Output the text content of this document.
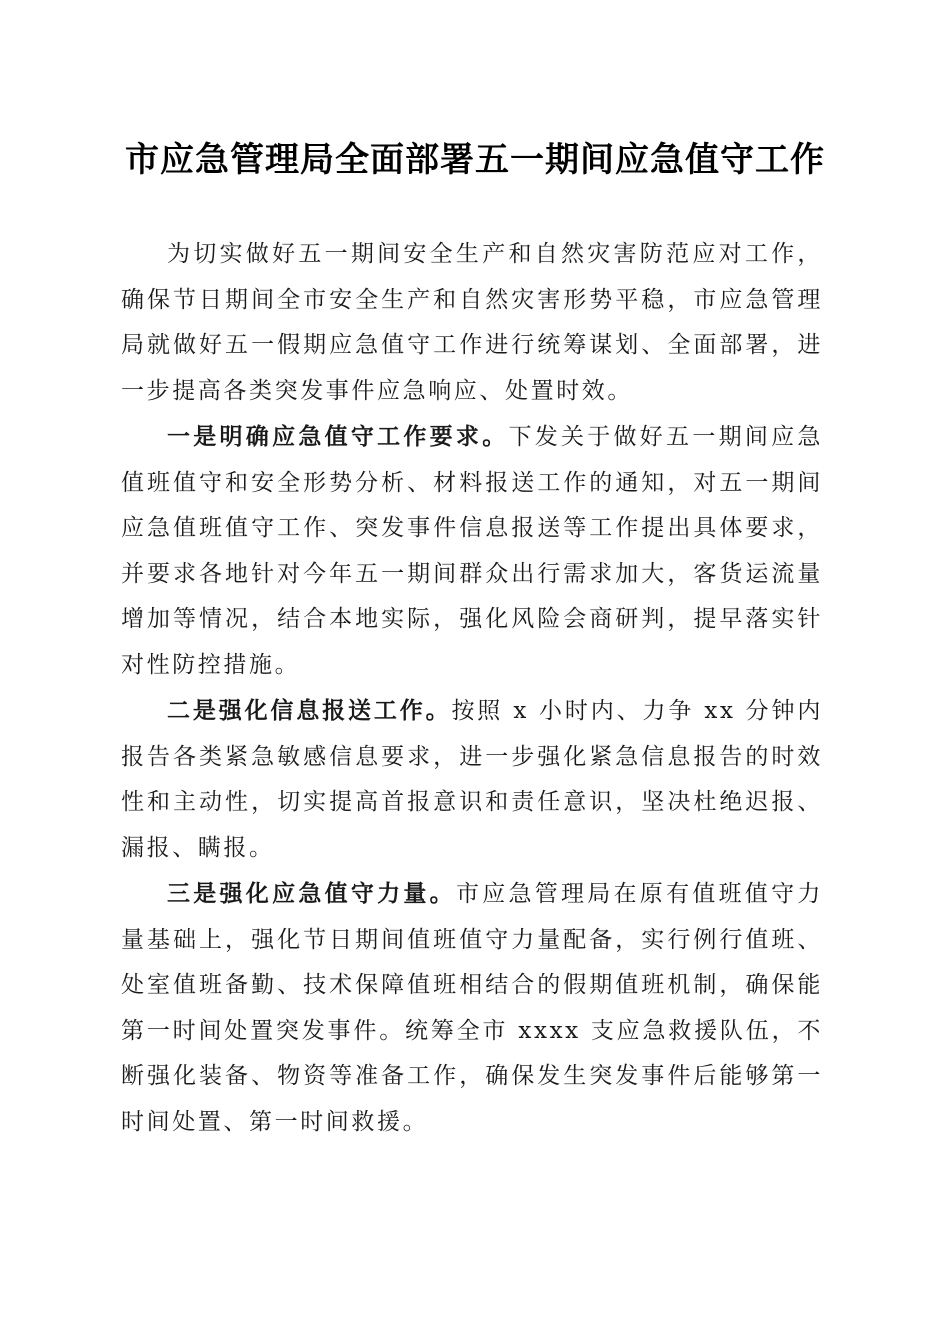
市应急管理局全面部署五一期间应急值守工作

为切实做好五一期间安全生产和自然灾害防范应对工作，确保节日期间全市安全生产和自然灾害形势平稳，市应急管理局就做好五一假期应急值守工作进行统筹谋划、全面部署，进一步提高各类突发事件应急响应、处置时效。

一是明确应急值守工作要求。下发关于做好五一期间应急值班值守和安全形势分析、材料报送工作的通知，对五一期间应急值班值守工作、突发事件信息报送等工作提出具体要求，并要求各地针对今年五一期间群众出行需求加大，客货运流量增加等情况，结合本地实际，强化风险会商研判，提早落实针对性防控措施。

二是强化信息报送工作。按照 x 小时内、力争 xx 分钟内报告各类紧急敏感信息要求，进一步强化紧急信息报告的时效性和主动性，切实提高首报意识和责任意识，坚决杜绝迟报、漏报、瞒报。

三是强化应急值守力量。市应急管理局在原有值班值守力量基础上，强化节日期间值班值守力量配备，实行例行值班、处室值班备勤、技术保障值班相结合的假期值班机制，确保能第一时间处置突发事件。统筹全市 xxxx 支应急救援队伍，不断强化装备、物资等准备工作，确保发生突发事件后能够第一时间处置、第一时间救援。
